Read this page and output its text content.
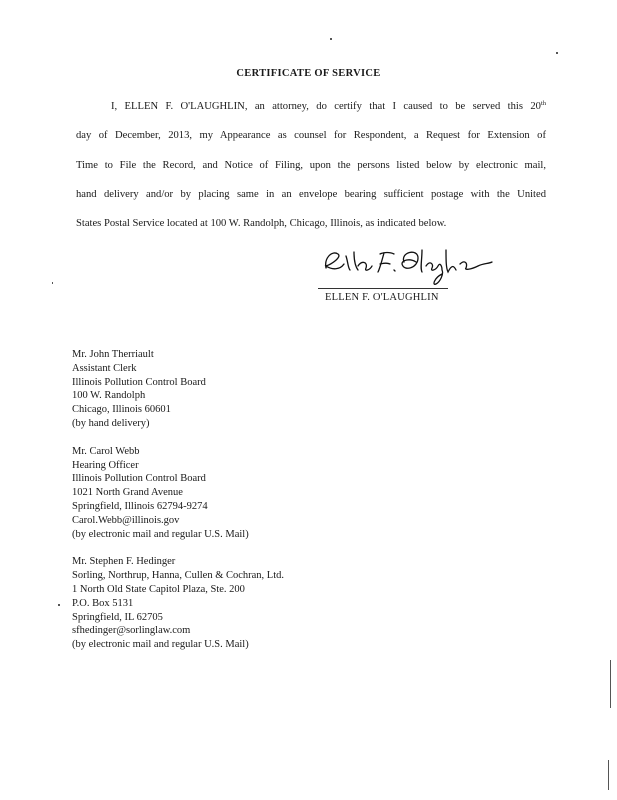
CERTIFICATE OF SERVICE
I, ELLEN F. O'LAUGHLIN, an attorney, do certify that I caused to be served this 20th
day of December, 2013, my Appearance as counsel for Respondent, a Request for Extension of
Time to File the Record, and Notice of Filing, upon the persons listed below by electronic mail,
hand delivery and/or by placing same in an envelope bearing sufficient postage with the United
States Postal Service located at 100 W. Randolph, Chicago, Illinois, as indicated below.
ELLEN F. O'LAUGHLIN
Mr. John Therriault
Assistant Clerk
Illinois Pollution Control Board
100 W. Randolph
Chicago, Illinois 60601
(by hand delivery)
Mr. Carol Webb
Hearing Officer
Illinois Pollution Control Board
1021 North Grand Avenue
Springfield, Illinois 62794-9274
Carol.Webb@illinois.gov
(by electronic mail and regular U.S. Mail)
Mr. Stephen F. Hedinger
Sorling, Northrup, Hanna, Cullen & Cochran, Ltd.
1 North Old State Capitol Plaza, Ste. 200
P.O. Box 5131
Springfield, IL 62705
sfhedinger@sorlinglaw.com
(by electronic mail and regular U.S. Mail)
